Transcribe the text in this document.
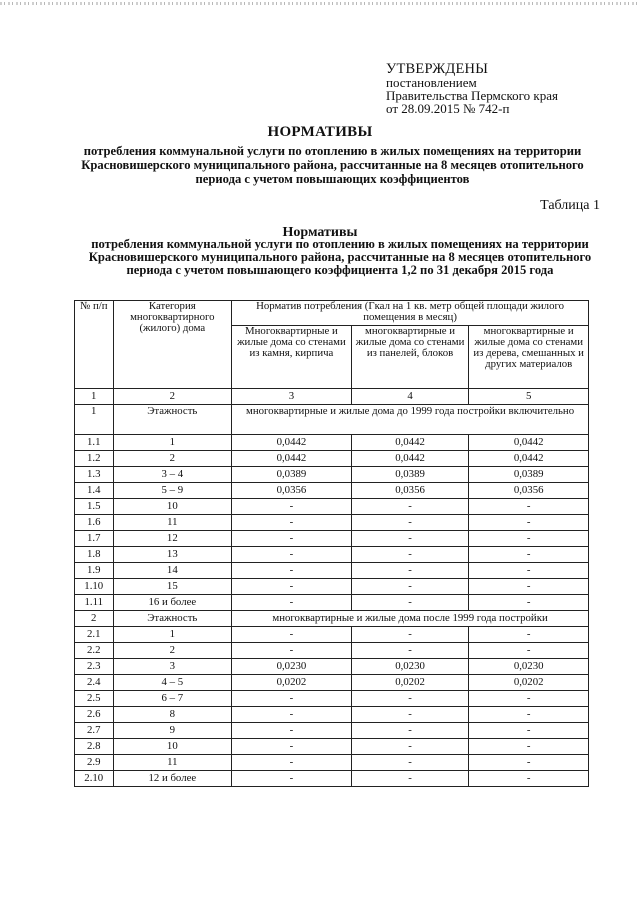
УТВЕРЖДЕНЫ
постановлением
Правительства Пермского края
от 28.09.2015 № 742-п
НОРМАТИВЫ
потребления коммунальной услуги по отоплению в жилых помещениях на территории Красновишерского муниципального района, рассчитанные на 8 месяцев отопительного периода с учетом повышающих коэффициентов
Таблица 1
Нормативы
потребления коммунальной услуги по отоплению в жилых помещениях на территории Красновишерского муниципального района, рассчитанные на 8 месяцев отопительного периода с учетом повышающего коэффициента 1,2 по 31 декабря 2015 года
№ п/п	Категория многоквартирного (жилого) дома	Норматив потребления (Гкал на 1 кв. метр общей площади жилого помещения в месяц)		
		Многоквартирные и жилые дома со стенами из камня, кирпича	многоквартирные и жилые дома со стенами из панелей, блоков	многоквартирные и жилые дома со стенами из дерева, смешанных и других материалов
1	2	3	4	5
1	Этажность	многоквартирные и жилые дома до 1999 года постройки включительно		
1.1	1	0,0442	0,0442	0,0442
1.2	2	0,0442	0,0442	0,0442
1.3	3 – 4	0,0389	0,0389	0,0389
1.4	5 – 9	0,0356	0,0356	0,0356
1.5	10	-	-	-
1.6	11	-	-	-
1.7	12	-	-	-
1.8	13	-	-	-
1.9	14	-	-	-
1.10	15	-	-	-
1.11	16 и более	-	-	-
2	Этажность	многоквартирные и жилые дома после 1999 года постройки		
2.1	1	-	-	-
2.2	2	-	-	-
2.3	3	0,0230	0,0230	0,0230
2.4	4 – 5	0,0202	0,0202	0,0202
2.5	6 – 7	-	-	-
2.6	8	-	-	-
2.7	9	-	-	-
2.8	10	-	-	-
2.9	11	-	-	-
2.10	12 и более	-	-	-
